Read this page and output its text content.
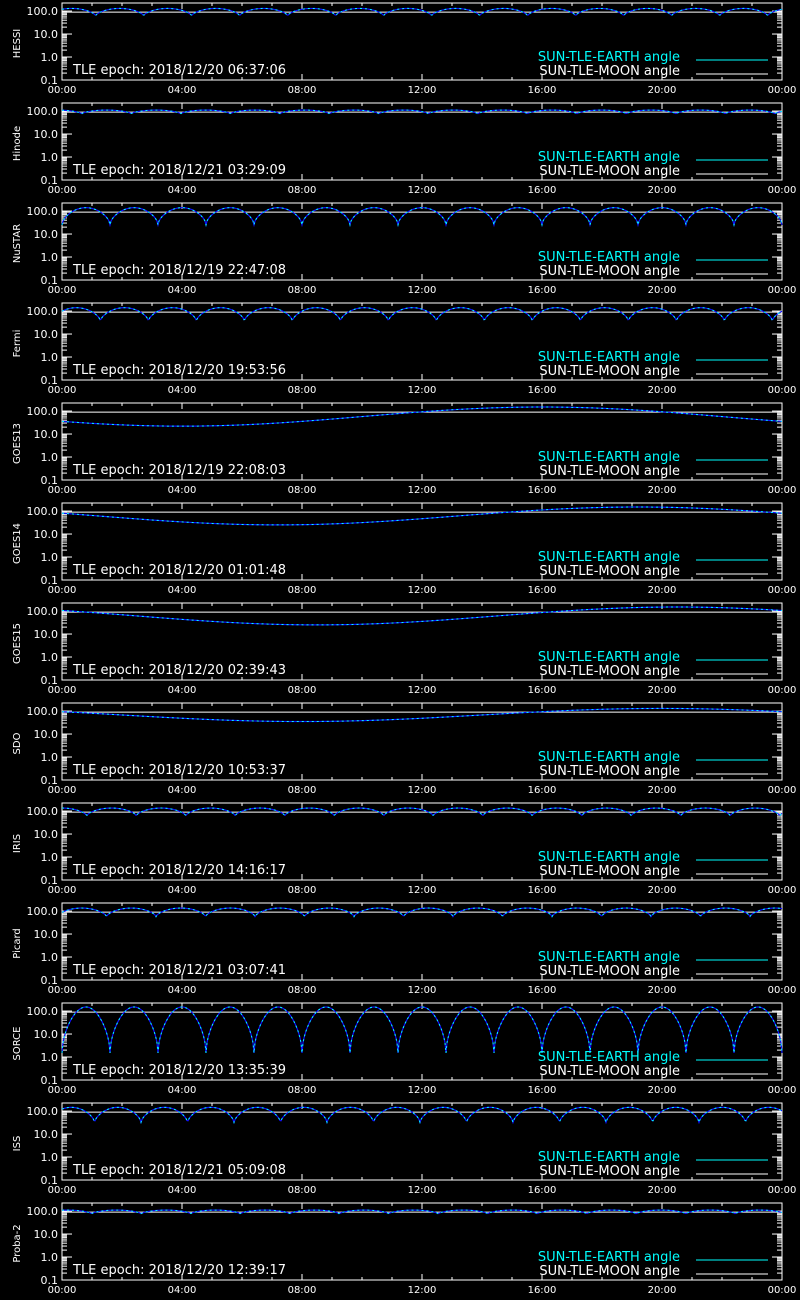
100.0
10.0
1.0
0.1
00:00	04:00	08:00	12:00	16:00	20:00	00:00
HESSI
TLE epoch: 2018/12/20 06:37:06
SUN-TLE-EARTH angle
SUN-TLE-MOON angle
100.0
10.0
1.0
0.1
00:00	04:00	08:00	12:00	16:00	20:00	00:00
Hinode
TLE epoch: 2018/12/21 03:29:09
SUN-TLE-EARTH angle
SUN-TLE-MOON angle
100.0
10.0
1.0
0.1
00:00	04:00	08:00	12:00	16:00	20:00	00:00
NuSTAR
TLE epoch: 2018/12/19 22:47:08
SUN-TLE-EARTH angle
SUN-TLE-MOON angle
100.0
10.0
1.0
0.1
00:00	04:00	08:00	12:00	16:00	20:00	00:00
Fermi
TLE epoch: 2018/12/20 19:53:56
SUN-TLE-EARTH angle
SUN-TLE-MOON angle
100.0
10.0
1.0
0.1
00:00	04:00	08:00	12:00	16:00	20:00	00:00
GOES13
TLE epoch: 2018/12/19 22:08:03
SUN-TLE-EARTH angle
SUN-TLE-MOON angle
100.0
10.0
1.0
0.1
00:00	04:00	08:00	12:00	16:00	20:00	00:00
GOES14
TLE epoch: 2018/12/20 01:01:48
SUN-TLE-EARTH angle
SUN-TLE-MOON angle
100.0
10.0
1.0
0.1
00:00	04:00	08:00	12:00	16:00	20:00	00:00
GOES15
TLE epoch: 2018/12/20 02:39:43
SUN-TLE-EARTH angle
SUN-TLE-MOON angle
100.0
10.0
1.0
0.1
00:00	04:00	08:00	12:00	16:00	20:00	00:00
SDO
TLE epoch: 2018/12/20 10:53:37
SUN-TLE-EARTH angle
SUN-TLE-MOON angle
100.0
10.0
1.0
0.1
00:00	04:00	08:00	12:00	16:00	20:00	00:00
IRIS
TLE epoch: 2018/12/20 14:16:17
SUN-TLE-EARTH angle
SUN-TLE-MOON angle
100.0
10.0
1.0
0.1
00:00	04:00	08:00	12:00	16:00	20:00	00:00
Picard
TLE epoch: 2018/12/21 03:07:41
SUN-TLE-EARTH angle
SUN-TLE-MOON angle
100.0
10.0
1.0
0.1
00:00	04:00	08:00	12:00	16:00	20:00	00:00
SORCE
TLE epoch: 2018/12/20 13:35:39
SUN-TLE-EARTH angle
SUN-TLE-MOON angle
100.0
10.0
1.0
0.1
00:00	04:00	08:00	12:00	16:00	20:00	00:00
ISS
TLE epoch: 2018/12/21 05:09:08
SUN-TLE-EARTH angle
SUN-TLE-MOON angle
100.0
10.0
1.0
0.1
00:00	04:00	08:00	12:00	16:00	20:00	00:00
Proba-2
TLE epoch: 2018/12/20 12:39:17
SUN-TLE-EARTH angle
SUN-TLE-MOON angle
